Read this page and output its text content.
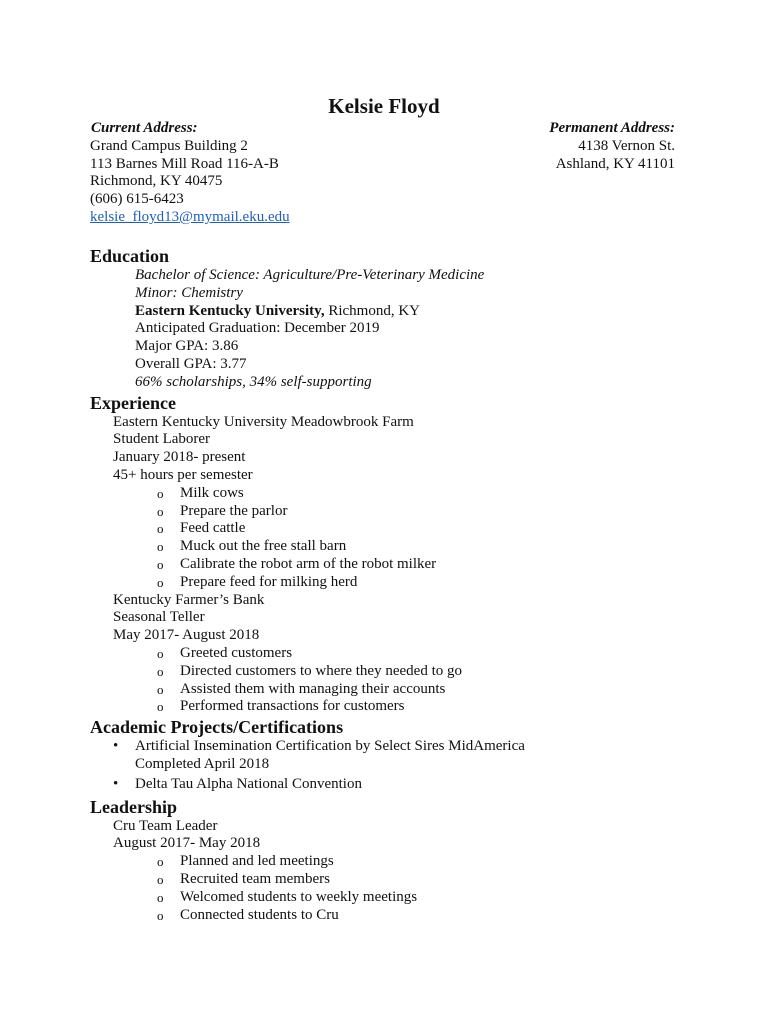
Kelsie Floyd
Current Address:
Grand Campus Building 2
113 Barnes Mill Road 116-A-B
Richmond, KY 40475
(606) 615-6423
kelsie_floyd13@mymail.eku.edu
Permanent Address:
4138 Vernon St.
Ashland, KY 41101
Education
Bachelor of Science: Agriculture/Pre-Veterinary Medicine
Minor: Chemistry
Eastern Kentucky University, Richmond, KY
Anticipated Graduation: December 2019
Major GPA: 3.86
Overall GPA: 3.77
66% scholarships, 34% self-supporting
Experience
Eastern Kentucky University Meadowbrook Farm
Student Laborer
January 2018- present
45+ hours per semester
o Milk cows
o Prepare the parlor
o Feed cattle
o Muck out the free stall barn
o Calibrate the robot arm of the robot milker
o Prepare feed for milking herd
Kentucky Farmer’s Bank
Seasonal Teller
May 2017- August 2018
o Greeted customers
o Directed customers to where they needed to go
o Assisted them with managing their accounts
o Performed transactions for customers
Academic Projects/Certifications
• Artificial Insemination Certification by Select Sires MidAmerica
Completed April 2018
• Delta Tau Alpha National Convention
Leadership
Cru Team Leader
August 2017- May 2018
o Planned and led meetings
o Recruited team members
o Welcomed students to weekly meetings
o Connected students to Cru
